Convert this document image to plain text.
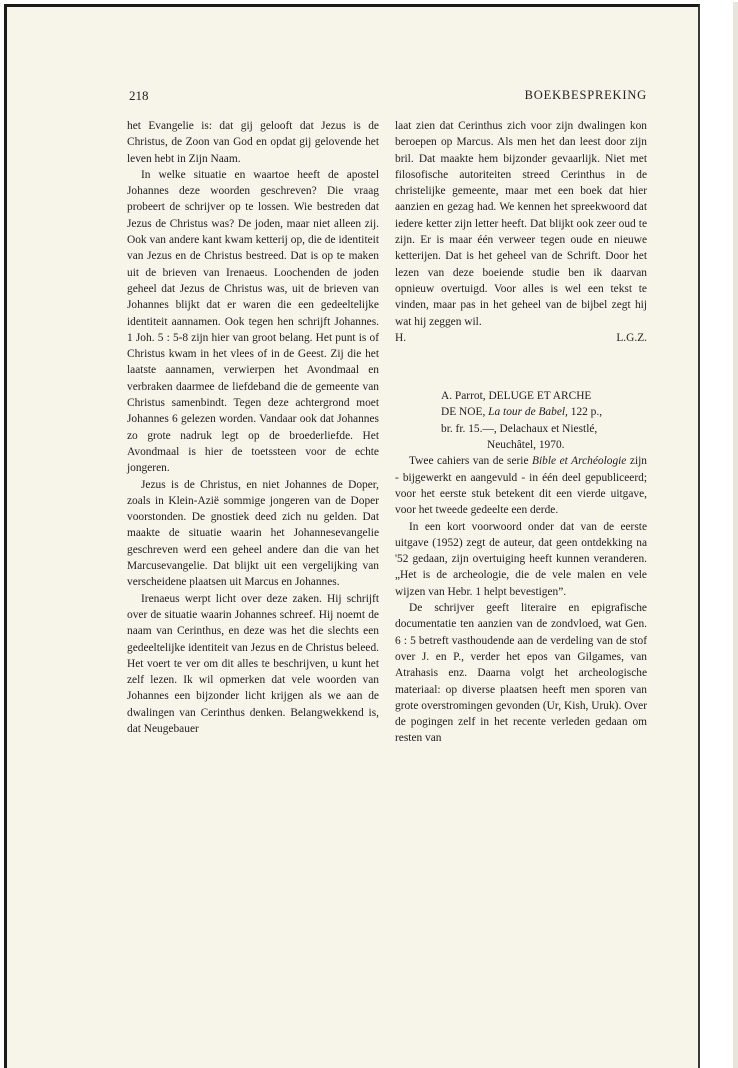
218	BOEKBESPREKING

het Evangelie is: dat gij gelooft dat Jezus is de Christus, de Zoon van God en opdat gij gelovende het leven hebt in Zijn Naam.

In welke situatie en waartoe heeft de apostel Johannes deze woorden geschreven? Die vraag probeert de schrijver op te lossen. Wie bestreden dat Jezus de Christus was? De joden, maar niet alleen zij. Ook van andere kant kwam ketterij op, die de identiteit van Jezus en de Christus bestreed. Dat is op te maken uit de brieven van Irenaeus. Loochenden de joden geheel dat Jezus de Christus was, uit de brieven van Johannes blijkt dat er waren die een gedeeltelijke identiteit aannamen. Ook tegen hen schrijft Johannes. 1 Joh. 5 : 5-8 zijn hier van groot belang. Het punt is of Christus kwam in het vlees of in de Geest. Zij die het laatste aannamen, verwierpen het Avondmaal en verbraken daarmee de liefdeband die de gemeente van Christus samenbindt. Tegen deze achtergrond moet Johannes 6 gelezen worden. Vandaar ook dat Johannes zo grote nadruk legt op de broederliefde. Het Avondmaal is hier de toetssteen voor de echte jongeren.

Jezus is de Christus, en niet Johannes de Doper, zoals in Klein-Azië sommige jongeren van de Doper voorstonden. De gnostiek deed zich nu gelden. Dat maakte de situatie waarin het Johannesevangelie geschreven werd een geheel andere dan die van het Marcusevangelie. Dat blijkt uit een vergelijking van verscheidene plaatsen uit Marcus en Johannes.

Irenaeus werpt licht over deze zaken. Hij schrijft over de situatie waarin Johannes schreef. Hij noemt de naam van Cerinthus, en deze was het die slechts een gedeeltelijke identiteit van Jezus en de Christus beleed. Het voert te ver om dit alles te beschrijven, u kunt het zelf lezen. Ik wil opmerken dat vele woorden van Johannes een bijzonder licht krijgen als we aan de dwalingen van Cerinthus denken. Belangwekkend is, dat Neugebauer

laat zien dat Cerinthus zich voor zijn dwalingen kon beroepen op Marcus. Als men het dan leest door zijn bril. Dat maakte hem bijzonder gevaarlijk. Niet met filosofische autoriteiten streed Cerinthus in de christelijke gemeente, maar met een boek dat hier aanzien en gezag had. We kennen het spreekwoord dat iedere ketter zijn letter heeft. Dat blijkt ook zeer oud te zijn. Er is maar één verweer tegen oude en nieuwe ketterijen. Dat is het geheel van de Schrift. Door het lezen van deze boeiende studie ben ik daarvan opnieuw overtuigd. Voor alles is wel een tekst te vinden, maar pas in het geheel van de bijbel zegt hij wat hij zeggen wil.

H.	L.G.Z.

A. Parrot, DELUGE ET ARCHE
DE NOE, La tour de Babel, 122 p.,
br. fr. 15.—, Delachaux et Niestlé,
Neuchâtel, 1970.

Twee cahiers van de serie Bible et Archéologie zijn - bijgewerkt en aangevuld - in één deel gepubliceerd; voor het eerste stuk betekent dit een vierde uitgave, voor het tweede gedeelte een derde.

In een kort voorwoord onder dat van de eerste uitgave (1952) zegt de auteur, dat geen ontdekking na '52 gedaan, zijn overtuiging heeft kunnen veranderen. „Het is de archeologie, die de vele malen en vele wijzen van Hebr. 1 helpt bevestigen”.

De schrijver geeft literaire en epigrafische documentatie ten aanzien van de zondvloed, wat Gen. 6 : 5 betreft vasthoudende aan de verdeling van de stof over J. en P., verder het epos van Gilgames, van Atrahasis enz. Daarna volgt het archeologische materiaal: op diverse plaatsen heeft men sporen van grote overstromingen gevonden (Ur, Kish, Uruk). Over de pogingen zelf in het recente verleden gedaan om resten van
